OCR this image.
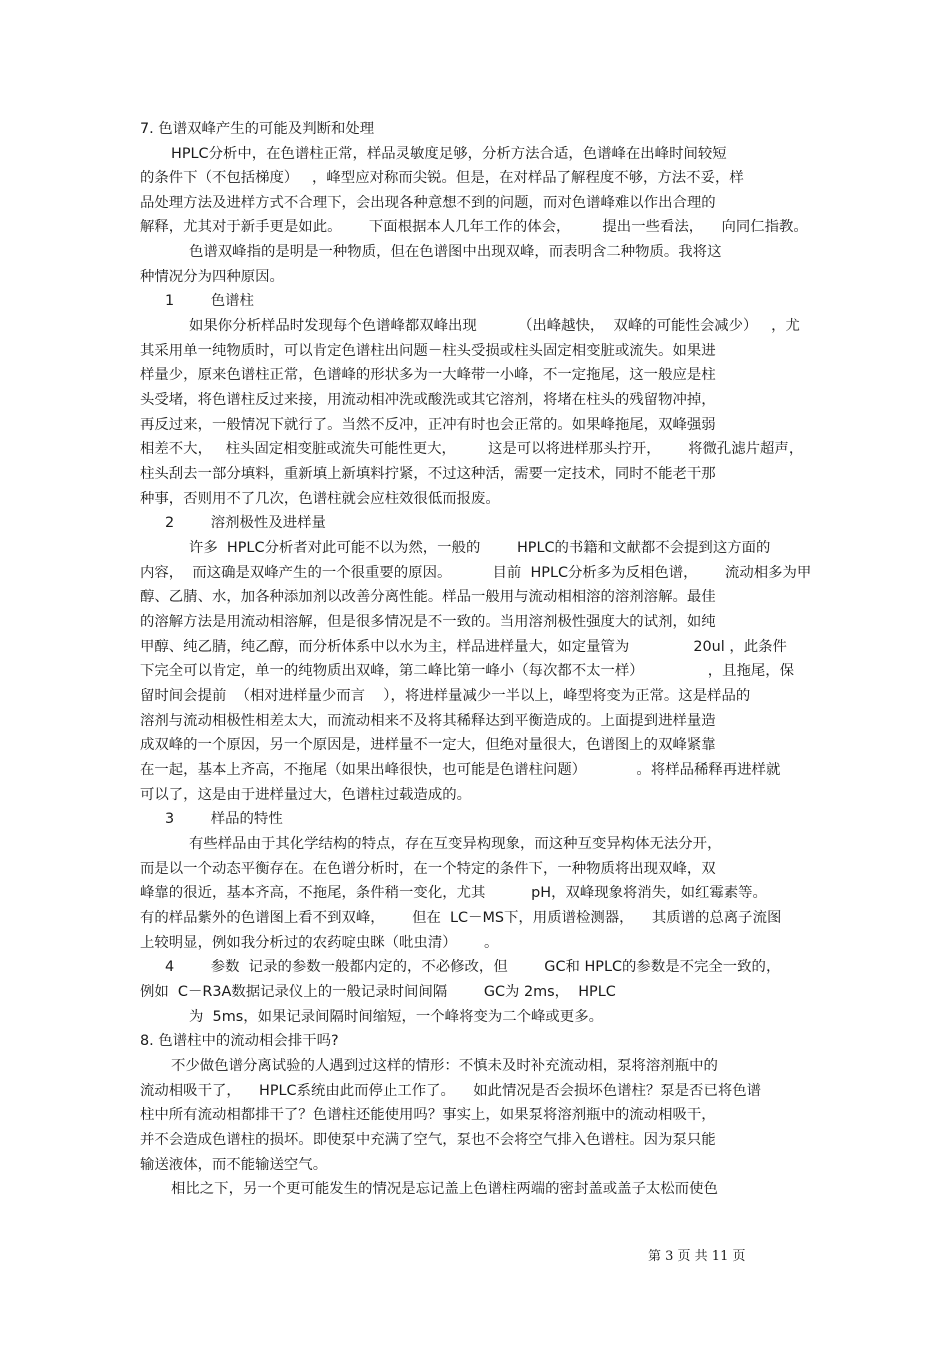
7. 色谱双峰产生的可能及判断和处理
HPLC分析中，在色谱柱正常，样品灵敏度足够，分析方法合适，色谱峰在出峰时间较短
的条件下（不包括梯度）   ，峰型应对称而尖锐。但是，在对样品了解程度不够，方法不妥，样
品处理方法及进样方式不合理下，会出现各种意想不到的问题，而对色谱峰难以作出合理的
解释，尤其对于新手更是如此。      下面根据本人几年工作的体会，       提出一些看法，    向同仁指教。
色谱双峰指的是明是一种物质，但在色谱图中出现双峰，而表明含二种物质。我将这
种情况分为四种原因。
1        色谱柱
如果你分析样品时发现每个色谱峰都双峰出现         （出峰越快，  双峰的可能性会减少）   ，尤
其采用单一纯物质时，可以肯定色谱柱出问题－柱头受损或柱头固定相变脏或流失。如果进
样量少，原来色谱柱正常，色谱峰的形状多为一大峰带一小峰，不一定拖尾，这一般应是柱
头受堵，将色谱柱反过来接，用流动相冲洗或酸洗或其它溶剂，将堵在柱头的残留物冲掉，
再反过来，一般情况下就行了。当然不反冲，正冲有时也会正常的。如果峰拖尾，双峰强弱
相差不大，   柱头固定相变脏或流失可能性更大，       这是可以将进样那头拧开，      将微孔滤片超声，
柱头刮去一部分填料，重新填上新填料拧紧，不过这种活，需要一定技术，同时不能老干那
种事，否则用不了几次，色谱柱就会应柱效很低而报废。
2        溶剂极性及进样量
许多  HPLC分析者对此可能不以为然，一般的        HPLC的书籍和文献都不会提到这方面的
内容，  而这确是双峰产生的一个很重要的原因。         目前  HPLC分析多为反相色谱，      流动相多为甲
醇、乙腈、水，加各种添加剂以改善分离性能。样品一般用与流动相相溶的溶剂溶解。最佳
的溶解方法是用流动相溶解，但是很多情况是不一致的。当用溶剂极性强度大的试剂，如纯
甲醇、纯乙腈，纯乙醇，而分析体系中以水为主，样品进样量大，如定量管为              20ul ，此条件
下完全可以肯定，单一的纯物质出双峰，第二峰比第一峰小（每次都不太一样）              ，且拖尾，保
留时间会提前  （相对进样量少而言    ），将进样量减少一半以上，峰型将变为正常。这是样品的
溶剂与流动相极性相差太大，而流动相来不及将其稀释达到平衡造成的。上面提到进样量造
成双峰的一个原因，另一个原因是，进样量不一定大，但绝对量很大，色谱图上的双峰紧靠
在一起，基本上齐高，不拖尾（如果出峰很快，也可能是色谱柱问题）           。将样品稀释再进样就
可以了，这是由于进样量过大，色谱柱过载造成的。
3        样品的特性
有些样品由于其化学结构的特点，存在互变异构现象，而这种互变异构体无法分开，
而是以一个动态平衡存在。在色谱分析时，在一个特定的条件下，一种物质将出现双峰，双
峰靠的很近，基本齐高，不拖尾，条件稍一变化，尤其          pH，双峰现象将消失，如红霉素等。
有的样品紫外的色谱图上看不到双峰，      但在  LC－MS下，用质谱检测器，    其质谱的总离子流图
上较明显，例如我分析过的农药啶虫眯（吡虫清）      。
4        参数  记录的参数一般都内定的，不必修改，但        GC和 HPLC的参数是不完全一致的，
例如  C－R3A数据记录仪上的一般记录时间间隔        GC为 2ms，  HPLC
为  5ms，如果记录间隔时间缩短，一个峰将变为二个峰或更多。
8. 色谱柱中的流动相会排干吗?
不少做色谱分离试验的人遇到过这样的情形：不慎未及时补充流动相，泵将溶剂瓶中的
流动相吸干了，    HPLC系统由此而停止工作了。    如此情况是否会损坏色谱柱？泵是否已将色谱
柱中所有流动相都排干了？色谱柱还能使用吗？事实上，如果泵将溶剂瓶中的流动相吸干，
并不会造成色谱柱的损坏。即使泵中充满了空气，泵也不会将空气排入色谱柱。因为泵只能
输送液体，而不能输送空气。
相比之下，另一个更可能发生的情况是忘记盖上色谱柱两端的密封盖或盖子太松而使色
第 3 页 共 11 页
